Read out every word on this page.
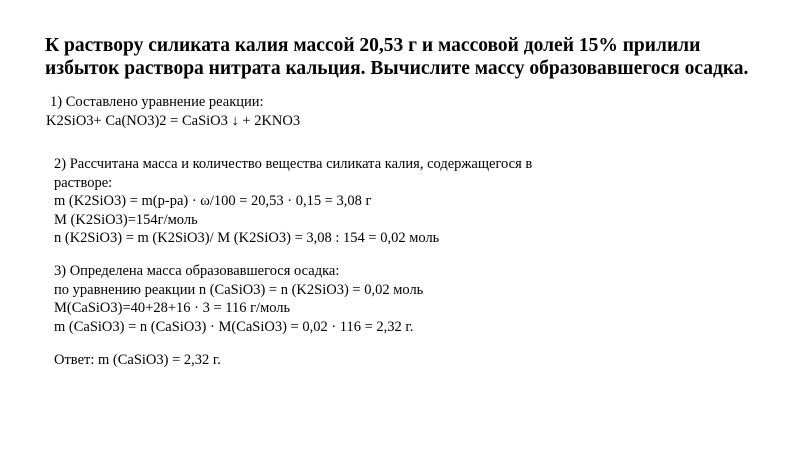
К раствору силиката калия массой 20,53 г и массовой долей 15% прилили
избыток раствора нитрата кальция. Вычислите массу образовавшегося осадка.
1) Составлено уравнение реакции:
K2SiO3+ Ca(NO3)2 = CaSiO3 ↓ + 2KNO3
2) Рассчитана масса и количество вещества силиката калия, содержащегося в
растворе:
m (K2SiO3) = m(р-ра) · ω/100 = 20,53 · 0,15 = 3,08 г
M (K2SiO3)=154г/моль
n (K2SiO3) = m (K2SiO3)/ M (K2SiO3) = 3,08 : 154 = 0,02 моль
3) Определена масса образовавшегося осадка:
по уравнению реакции n (CaSiO3) = n (K2SiO3) = 0,02 моль
M(CaSiO3)=40+28+16 · 3 = 116 г/моль
m (CaSiO3) = n (CaSiO3) · M(CaSiO3) = 0,02 · 116 = 2,32 г.
Ответ: m (CaSiO3) = 2,32 г.
